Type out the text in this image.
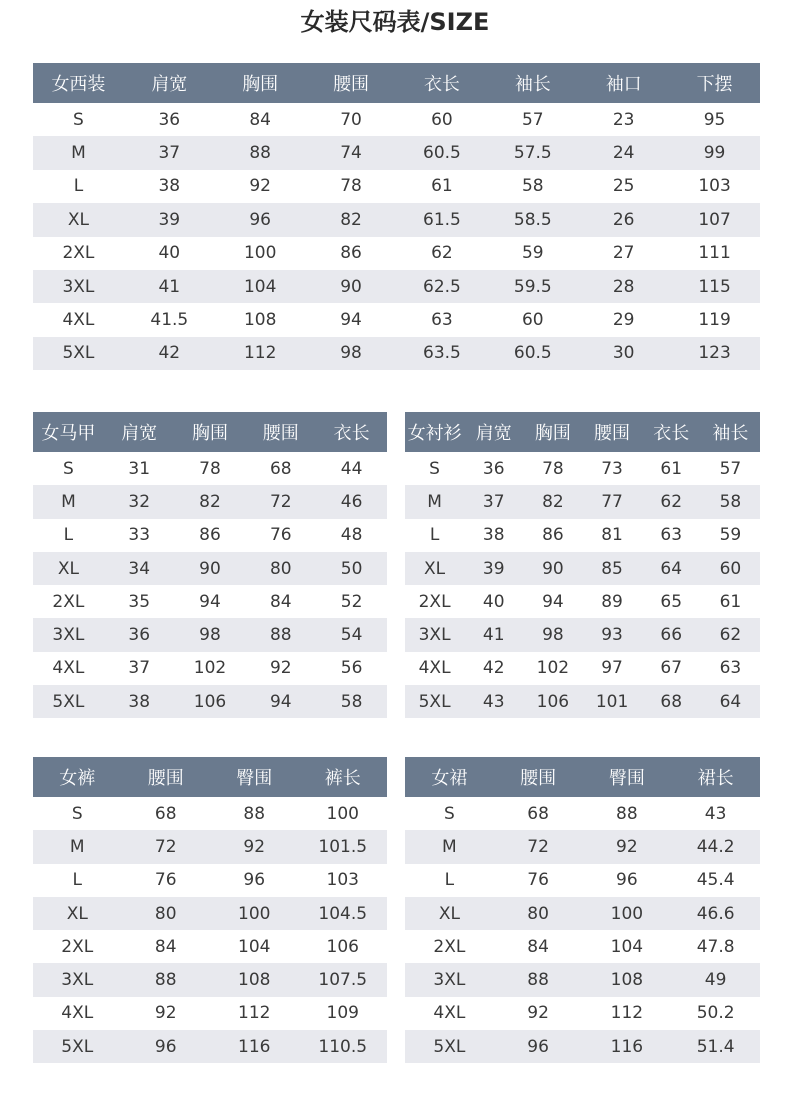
女装尺码表/SIZE
女西装	肩宽	胸围	腰围	衣长	袖长	袖口	下摆
S	36	84	70	60	57	23	95
M	37	88	74	60.5	57.5	24	99
L	38	92	78	61	58	25	103
XL	39	96	82	61.5	58.5	26	107
2XL	40	100	86	62	59	27	111
3XL	41	104	90	62.5	59.5	28	115
4XL	41.5	108	94	63	60	29	119
5XL	42	112	98	63.5	60.5	30	123
女马甲	肩宽	胸围	腰围	衣长
S	31	78	68	44
M	32	82	72	46
L	33	86	76	48
XL	34	90	80	50
2XL	35	94	84	52
3XL	36	98	88	54
4XL	37	102	92	56
5XL	38	106	94	58
女衬衫	肩宽	胸围	腰围	衣长	袖长
S	36	78	73	61	57
M	37	82	77	62	58
L	38	86	81	63	59
XL	39	90	85	64	60
2XL	40	94	89	65	61
3XL	41	98	93	66	62
4XL	42	102	97	67	63
5XL	43	106	101	68	64
女裤	腰围	臀围	裤长
S	68	88	100
M	72	92	101.5
L	76	96	103
XL	80	100	104.5
2XL	84	104	106
3XL	88	108	107.5
4XL	92	112	109
5XL	96	116	110.5
女裙	腰围	臀围	裙长
S	68	88	43
M	72	92	44.2
L	76	96	45.4
XL	80	100	46.6
2XL	84	104	47.8
3XL	88	108	49
4XL	92	112	50.2
5XL	96	116	51.4
